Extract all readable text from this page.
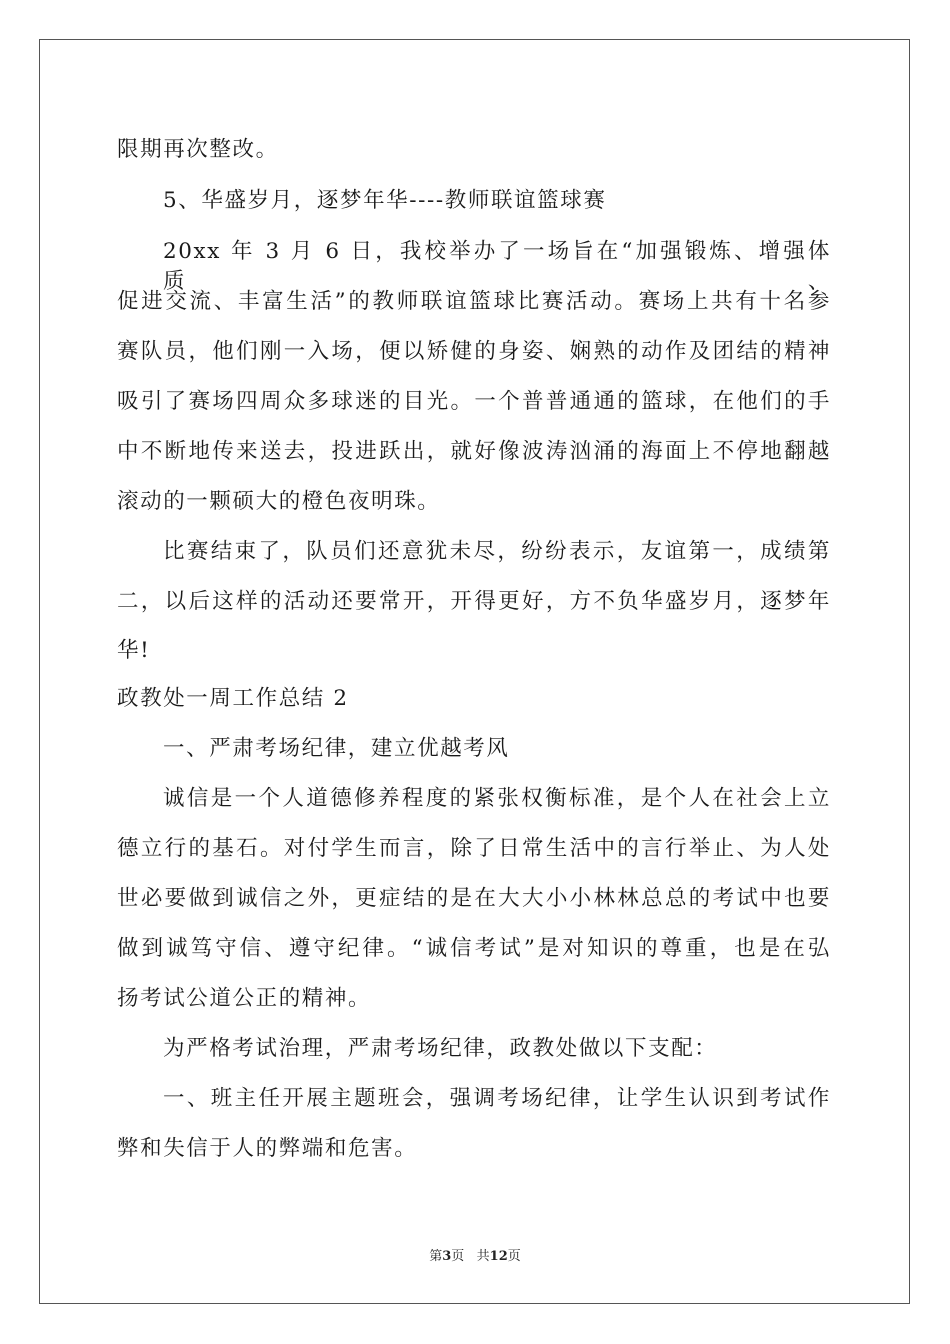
限期再次整改。
5、华盛岁月，逐梦年华----教师联谊篮球赛
20xx 年 3 月 6 日，我校举办了一场旨在“加强锻炼、增强体质、
促进交流、丰富生活”的教师联谊篮球比赛活动。赛场上共有十名参
赛队员，他们刚一入场，便以矫健的身姿、娴熟的动作及团结的精神
吸引了赛场四周众多球迷的目光。一个普普通通的篮球，在他们的手
中不断地传来送去，投进跃出，就好像波涛汹涌的海面上不停地翻越
滚动的一颗硕大的橙色夜明珠。
比赛结束了，队员们还意犹未尽，纷纷表示，友谊第一，成绩第
二，以后这样的活动还要常开，开得更好，方不负华盛岁月，逐梦年
华!
政教处一周工作总结 2
一、严肃考场纪律，建立优越考风
诚信是一个人道德修养程度的紧张权衡标准，是个人在社会上立
德立行的基石。对付学生而言，除了日常生活中的言行举止、为人处
世必要做到诚信之外，更症结的是在大大小小林林总总的考试中也要
做到诚笃守信、遵守纪律。“诚信考试”是对知识的尊重，也是在弘
扬考试公道公正的精神。
为严格考试治理，严肃考场纪律，政教处做以下支配：
一、班主任开展主题班会，强调考场纪律，让学生认识到考试作
弊和失信于人的弊端和危害。
第3页   共12页
